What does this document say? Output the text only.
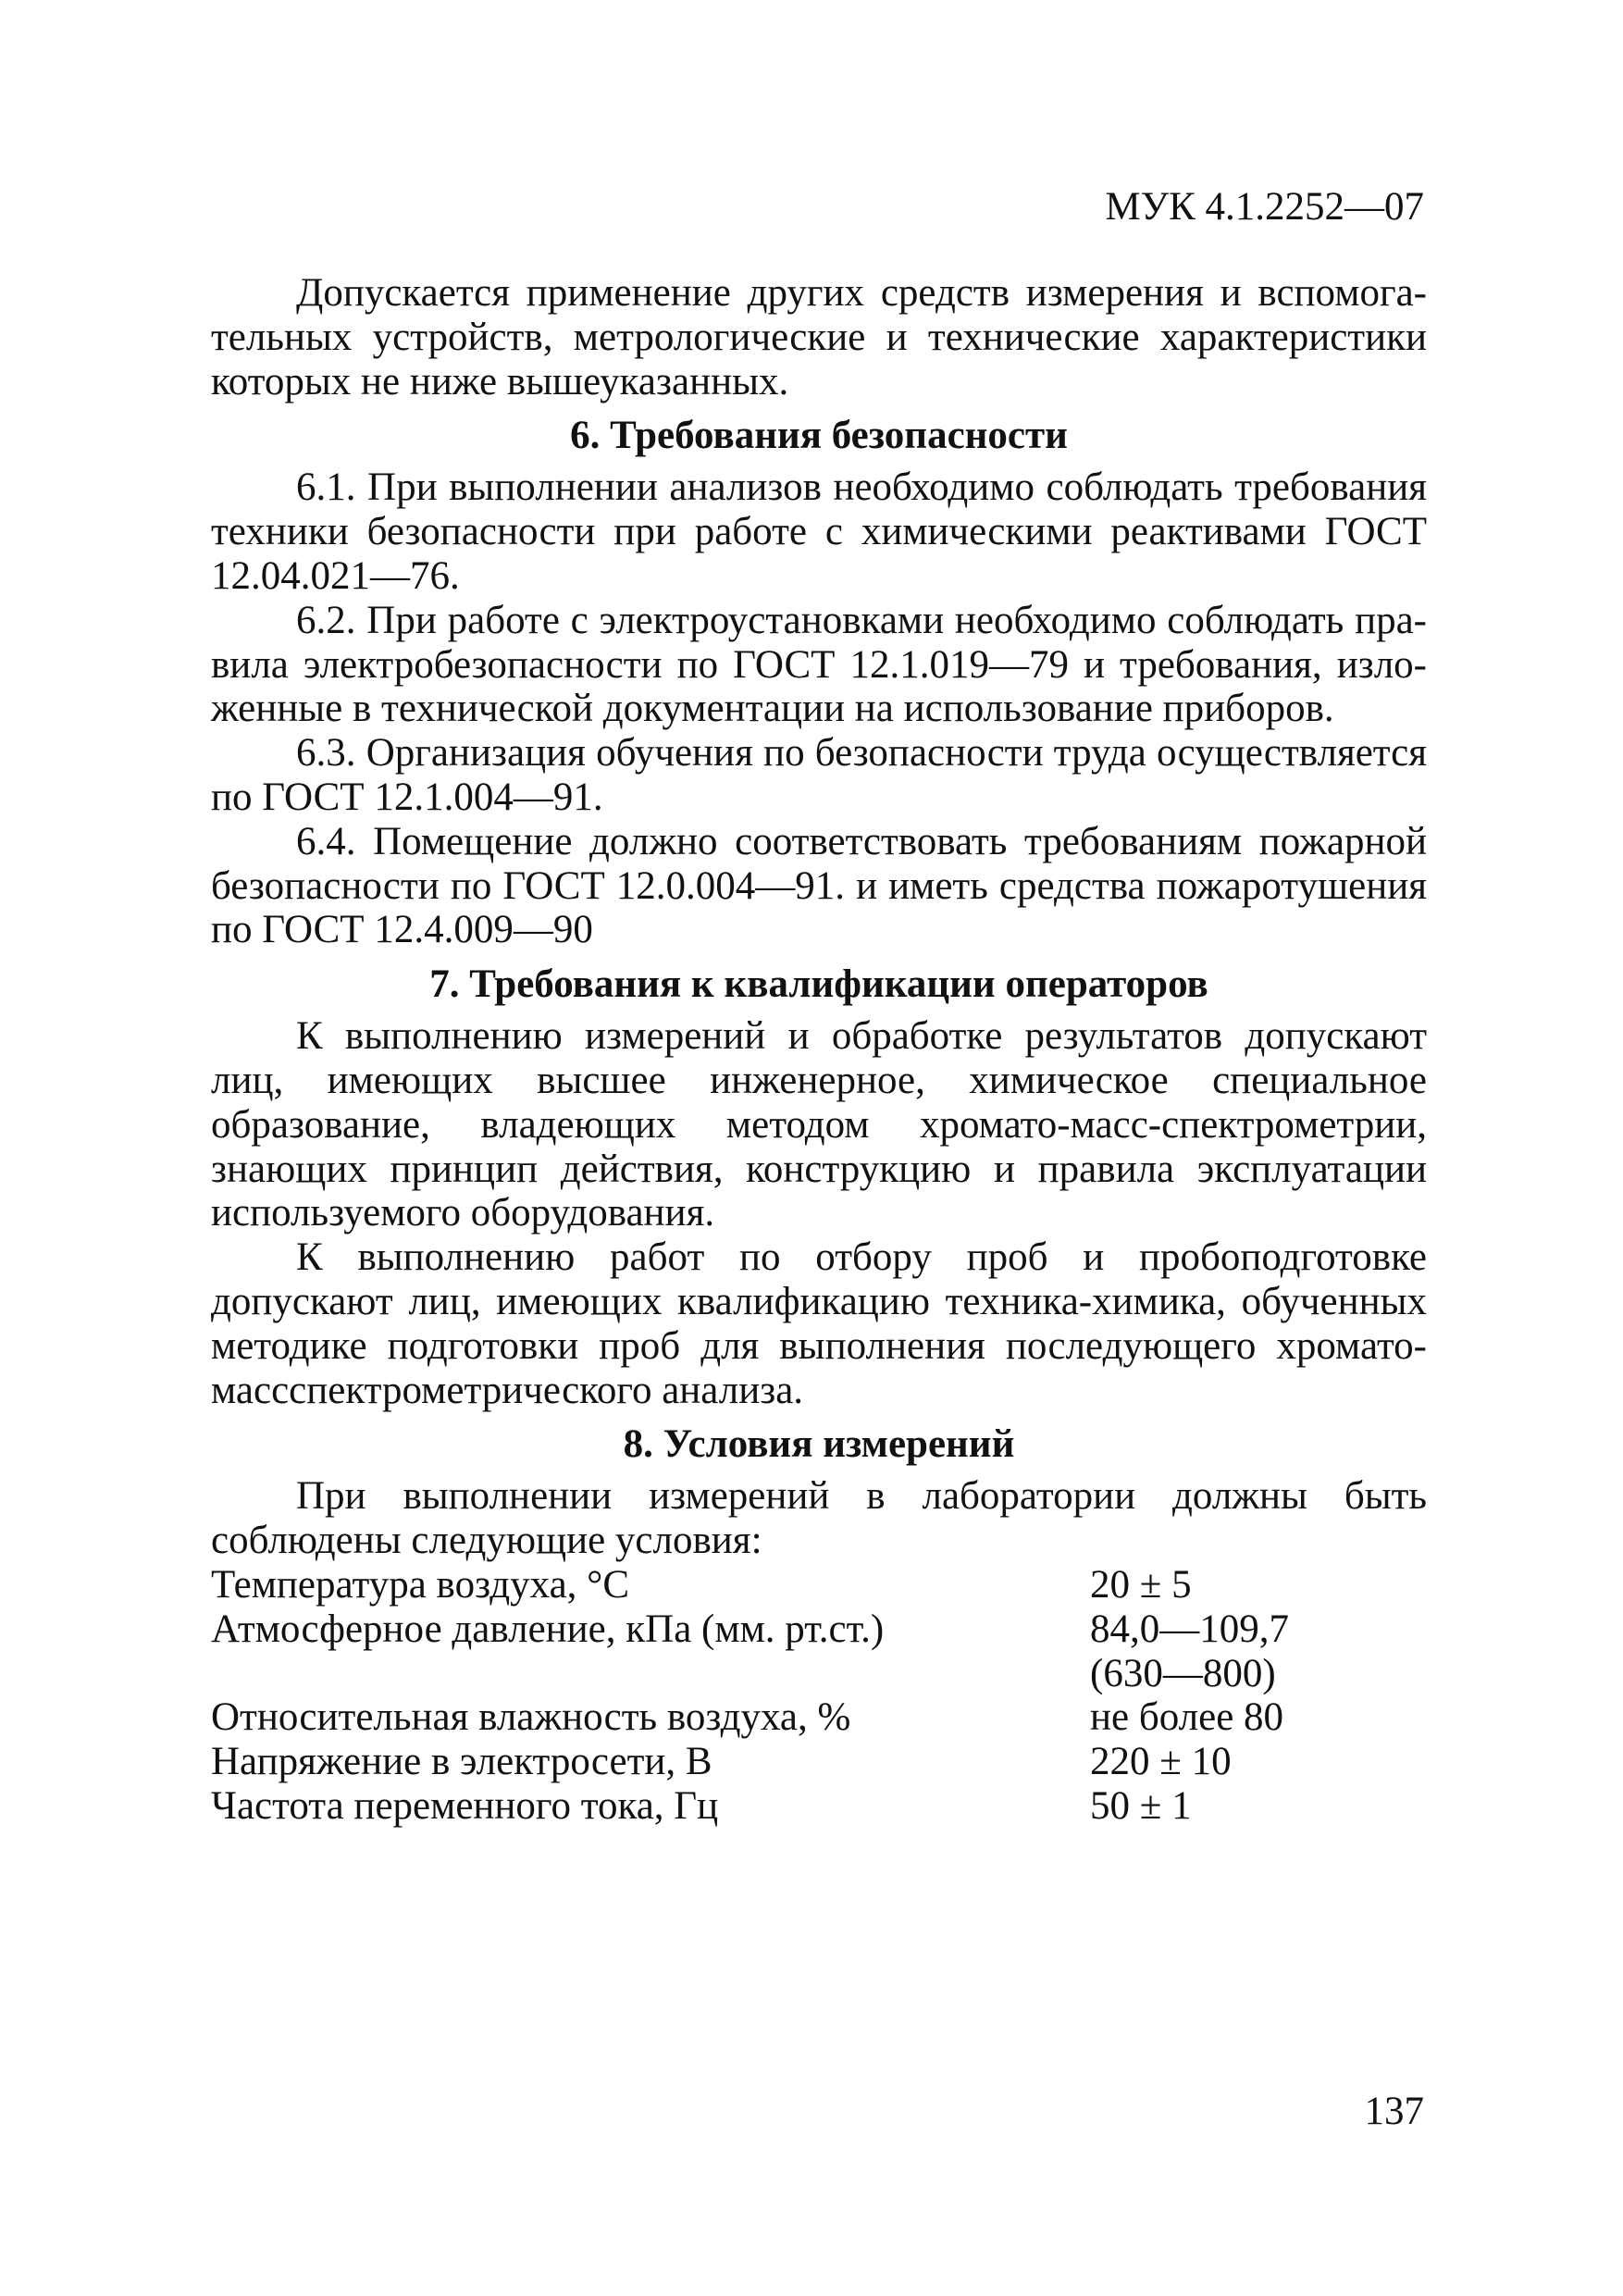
МУК 4.1.2252—07

Допускается применение других средств измерения и вспомогательных устройств, метрологические и технические характеристики которых не ниже вышеуказанных.

6. Требования безопасности

6.1. При выполнении анализов необходимо соблюдать требования техники безопасности при работе с химическими реактивами ГОСТ 12.04.021—76.

6.2. При работе с электроустановками необходимо соблюдать правила электробезопасности по ГОСТ 12.1.019—79 и требования, изложенные в технической документации на использование приборов.

6.3. Организация обучения по безопасности труда осуществляется по ГОСТ 12.1.004—91.

6.4. Помещение должно соответствовать требованиям пожарной безопасности по ГОСТ 12.0.004—91. и иметь средства пожаротушения по ГОСТ 12.4.009—90

7. Требования к квалификации операторов

К выполнению измерений и обработке результатов допускают лиц, имеющих высшее инженерное, химическое специальное образование, владеющих методом хромато-масс-спектрометрии, знающих принцип действия, конструкцию и правила эксплуатации используемого оборудования.

К выполнению работ по отбору проб и пробоподготовке допускают лиц, имеющих квалификацию техника-химика, обученных методике подготовки проб для выполнения последующего хромато-массспектрометрического анализа.

8. Условия измерений

При выполнении измерений в лаборатории должны быть соблюдены следующие условия:

Температура воздуха, °С	20 ± 5
Атмосферное давление, кПа (мм. рт.ст.)	84,0—109,7
	(630—800)
Относительная влажность воздуха, %	не более 80
Напряжение в электросети, В	220 ± 10
Частота переменного тока, Гц	50 ± 1
137
